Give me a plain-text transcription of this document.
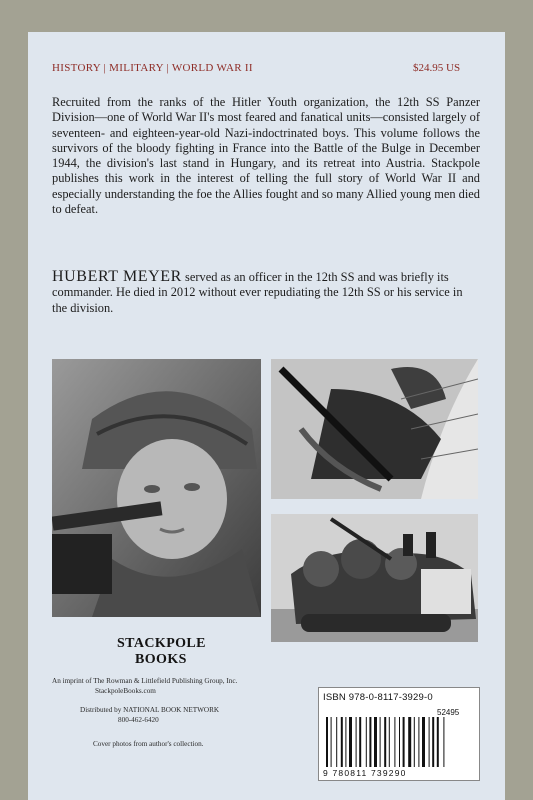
HISTORY | MILITARY | WORLD WAR II	$24.95 US
Recruited from the ranks of the Hitler Youth organization, the 12th SS Panzer Division—one of World War II's most feared and fanatical units—consisted largely of seventeen- and eighteen-year-old Nazi-indoctrinated boys. This volume follows the survivors of the bloody fighting in France into the Battle of the Bulge in December 1944, the division's last stand in Hungary, and its retreat into Austria. Stackpole publishes this work in the interest of telling the full story of World War II and especially understanding the foe the Allies fought and so many Allied young men died to defeat.
HUBERT MEYER served as an officer in the 12th SS and was briefly its commander. He died in 2012 without ever repudiating the 12th SS or his service in the division.
STACKPOLE
BOOKS
An imprint of The Rowman & Littlefield Publishing Group, Inc.
StackpoleBooks.com
Distributed by NATIONAL BOOK NETWORK
800-462-6420
Cover photos from author's collection.
ISBN 978-0-8117-3929-0
52495
9 780811 739290
